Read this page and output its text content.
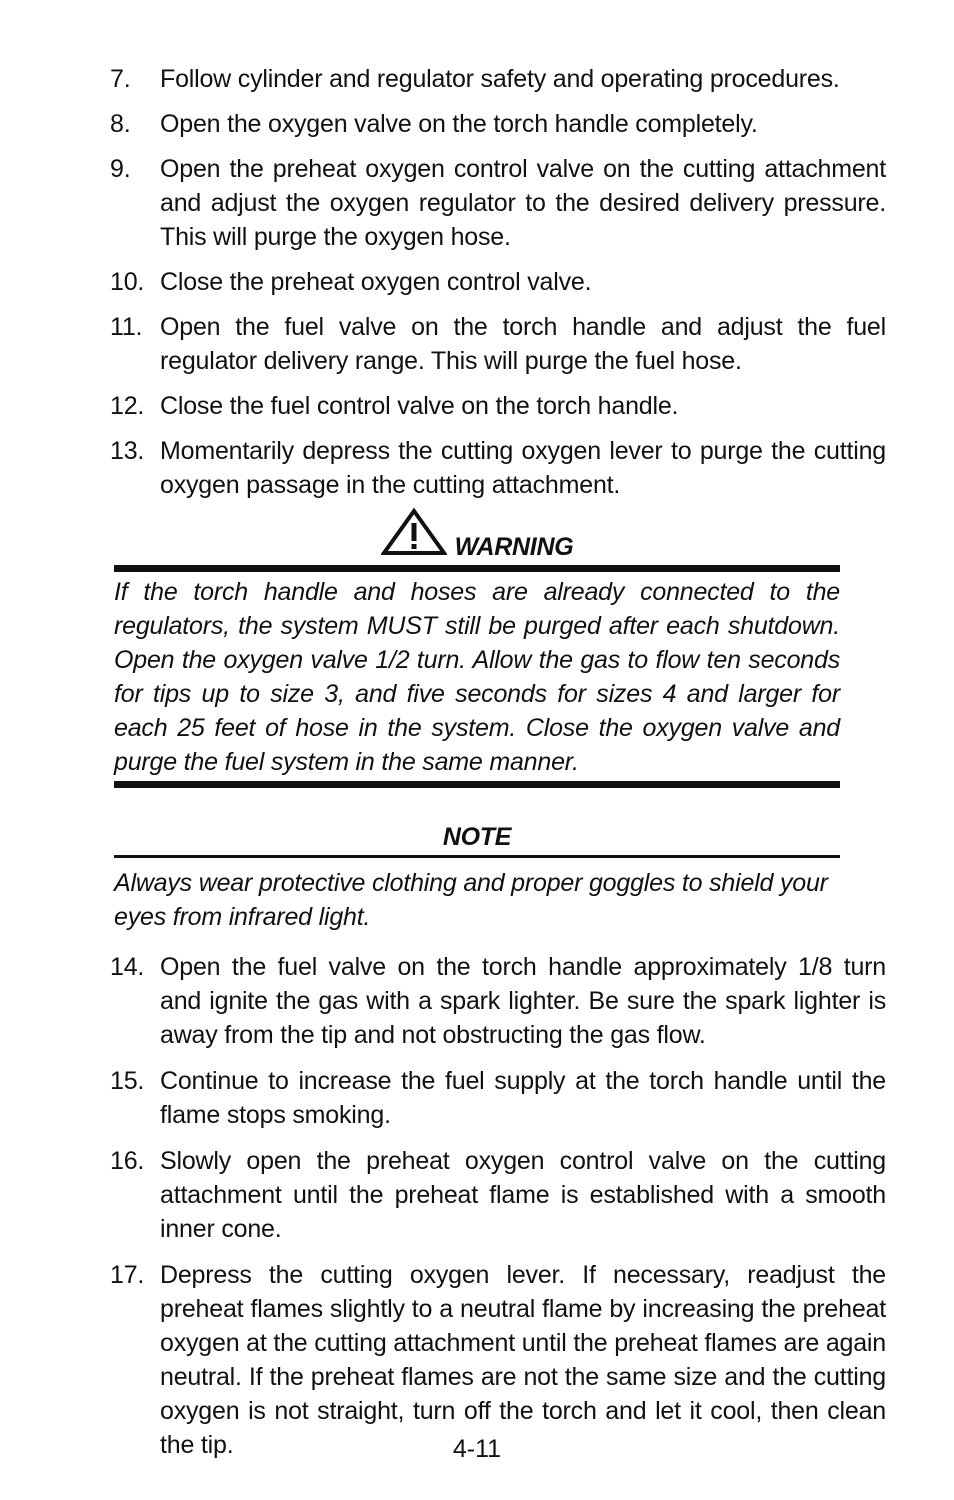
7.	Follow cylinder and regulator safety and operating procedures.
8.	Open the oxygen valve on the torch handle completely.
9.	Open the preheat oxygen control valve on the cutting attachment and adjust the oxygen regulator to the desired delivery pressure. This will purge the oxygen hose.
10. Close the preheat oxygen control valve.
11. Open the fuel valve on the torch handle and adjust the fuel regulator delivery range. This will purge the fuel hose.
12. Close the fuel control valve on the torch handle.
13. Momentarily depress the cutting oxygen lever to purge the cutting oxygen passage in the cutting attachment.
WARNING
If the torch handle and hoses are already connected to the regulators, the system MUST still be purged after each shutdown. Open the oxygen valve 1/2 turn. Allow the gas to flow ten seconds for tips up to size 3, and five seconds for sizes 4 and larger for each 25 feet of hose in the system. Close the oxygen valve and purge the fuel system in the same manner.
NOTE
Always wear protective clothing and proper goggles to shield your eyes from infrared light.
14. Open the fuel valve on the torch handle approximately 1/8 turn and ignite the gas with a spark lighter. Be sure the spark lighter is away from the tip and not obstructing the gas flow.
15. Continue to increase the fuel supply at the torch handle until the flame stops smoking.
16. Slowly open the preheat oxygen control valve on the cutting attachment until the preheat flame is established with a smooth inner cone.
17. Depress the cutting oxygen lever. If necessary, readjust the preheat flames slightly to a neutral flame by increasing the preheat oxygen at the cutting attachment until the preheat flames are again neutral. If the preheat flames are not the same size and the cutting oxygen is not straight, turn off the torch and let it cool, then clean the tip.	4-11
